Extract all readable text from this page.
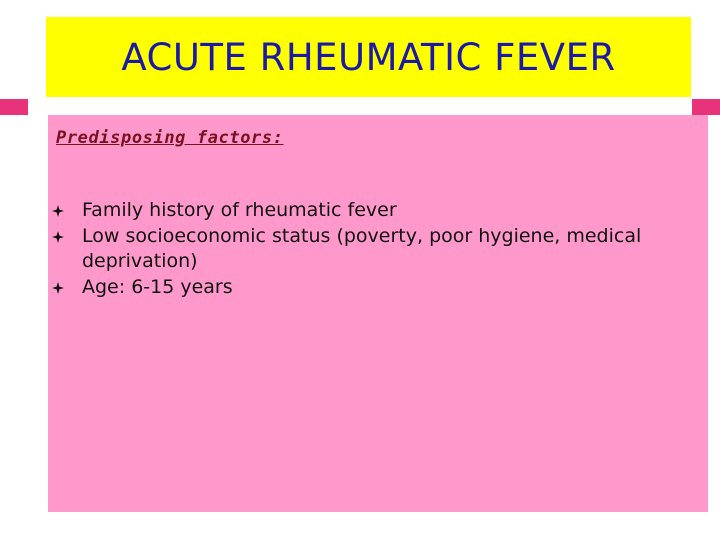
ACUTE RHEUMATIC FEVER
Predisposing factors:
Family history of rheumatic fever
Low socioeconomic status (poverty, poor hygiene, medical deprivation)
Age: 6-15 years
